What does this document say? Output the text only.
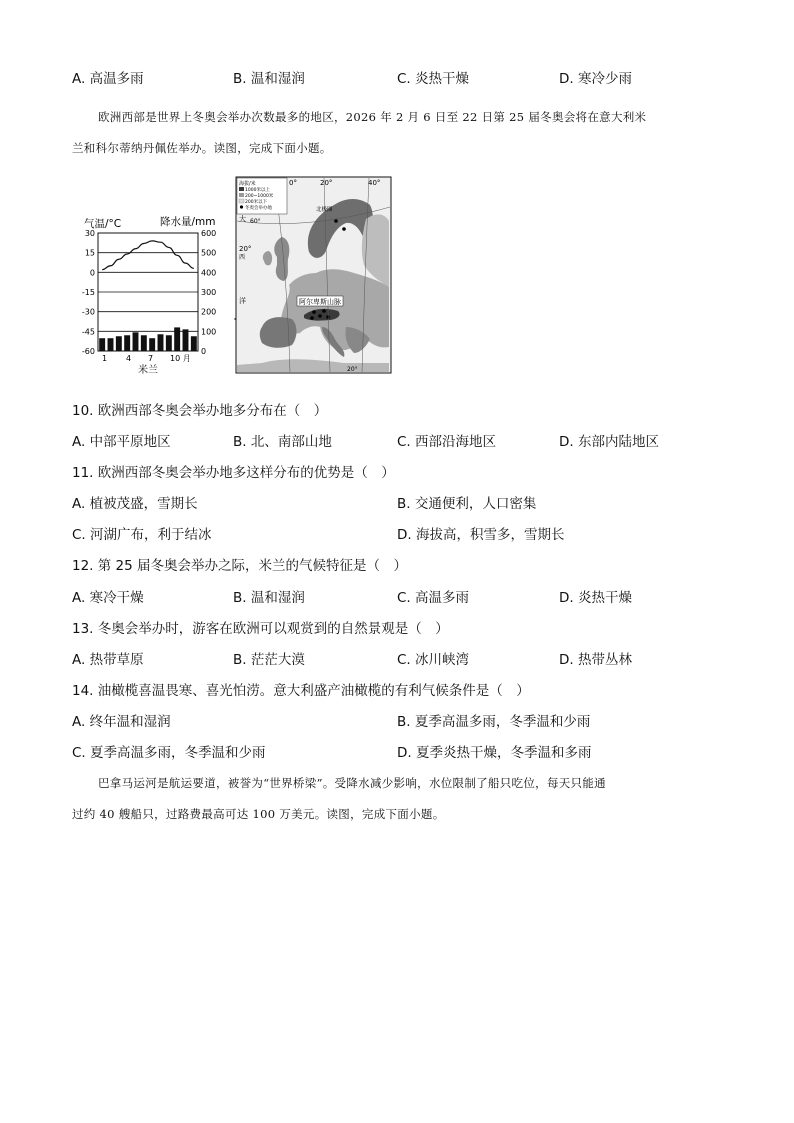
A. 高温多雨	B. 温和湿润	C. 炎热干燥	D. 寒冷少雨

欧洲西部是世界上冬奥会举办次数最多的地区，2026 年 2 月 6 日至 22 日第 25 届冬奥会将在意大利米

兰和科尔蒂纳丹佩佐举办。读图，完成下面小题。

气温/°C	降水量/mm
30
15
0
-15
-30
-45
-60
600
500
400
300
200
100
0
1 4 7 10 月
米兰
海拔/米
1000米以上
200~1000米
200米以下
冬奥会举办地
0°	20°	40°
20°
20°
大 60°
西
洋
北极圈
阿尔卑斯山脉
10. 欧洲西部冬奥会举办地多分布在（　）
A. 中部平原地区	B. 北、南部山地	C. 西部沿海地区	D. 东部内陆地区
11. 欧洲西部冬奥会举办地多这样分布的优势是（　）
A. 植被茂盛，雪期长	B. 交通便利，人口密集
C. 河湖广布，利于结冰	D. 海拔高，积雪多，雪期长
12. 第 25 届冬奥会举办之际，米兰的气候特征是（　）
A. 寒冷干燥	B. 温和湿润	C. 高温多雨	D. 炎热干燥
13. 冬奥会举办时，游客在欧洲可以观赏到的自然景观是（　）
A. 热带草原	B. 茫茫大漠	C. 冰川峡湾	D. 热带丛林
14. 油橄榄喜温畏寒、喜光怕涝。意大利盛产油橄榄的有利气候条件是（　）
A. 终年温和湿润	B. 夏季高温多雨，冬季温和少雨
C. 夏季高温多雨，冬季温和少雨	D. 夏季炎热干燥，冬季温和多雨

巴拿马运河是航运要道，被誉为“世界桥梁”。受降水减少影响，水位限制了船只吃位，每天只能通

过约 40 艘船只，过路费最高可达 100 万美元。读图，完成下面小题。
